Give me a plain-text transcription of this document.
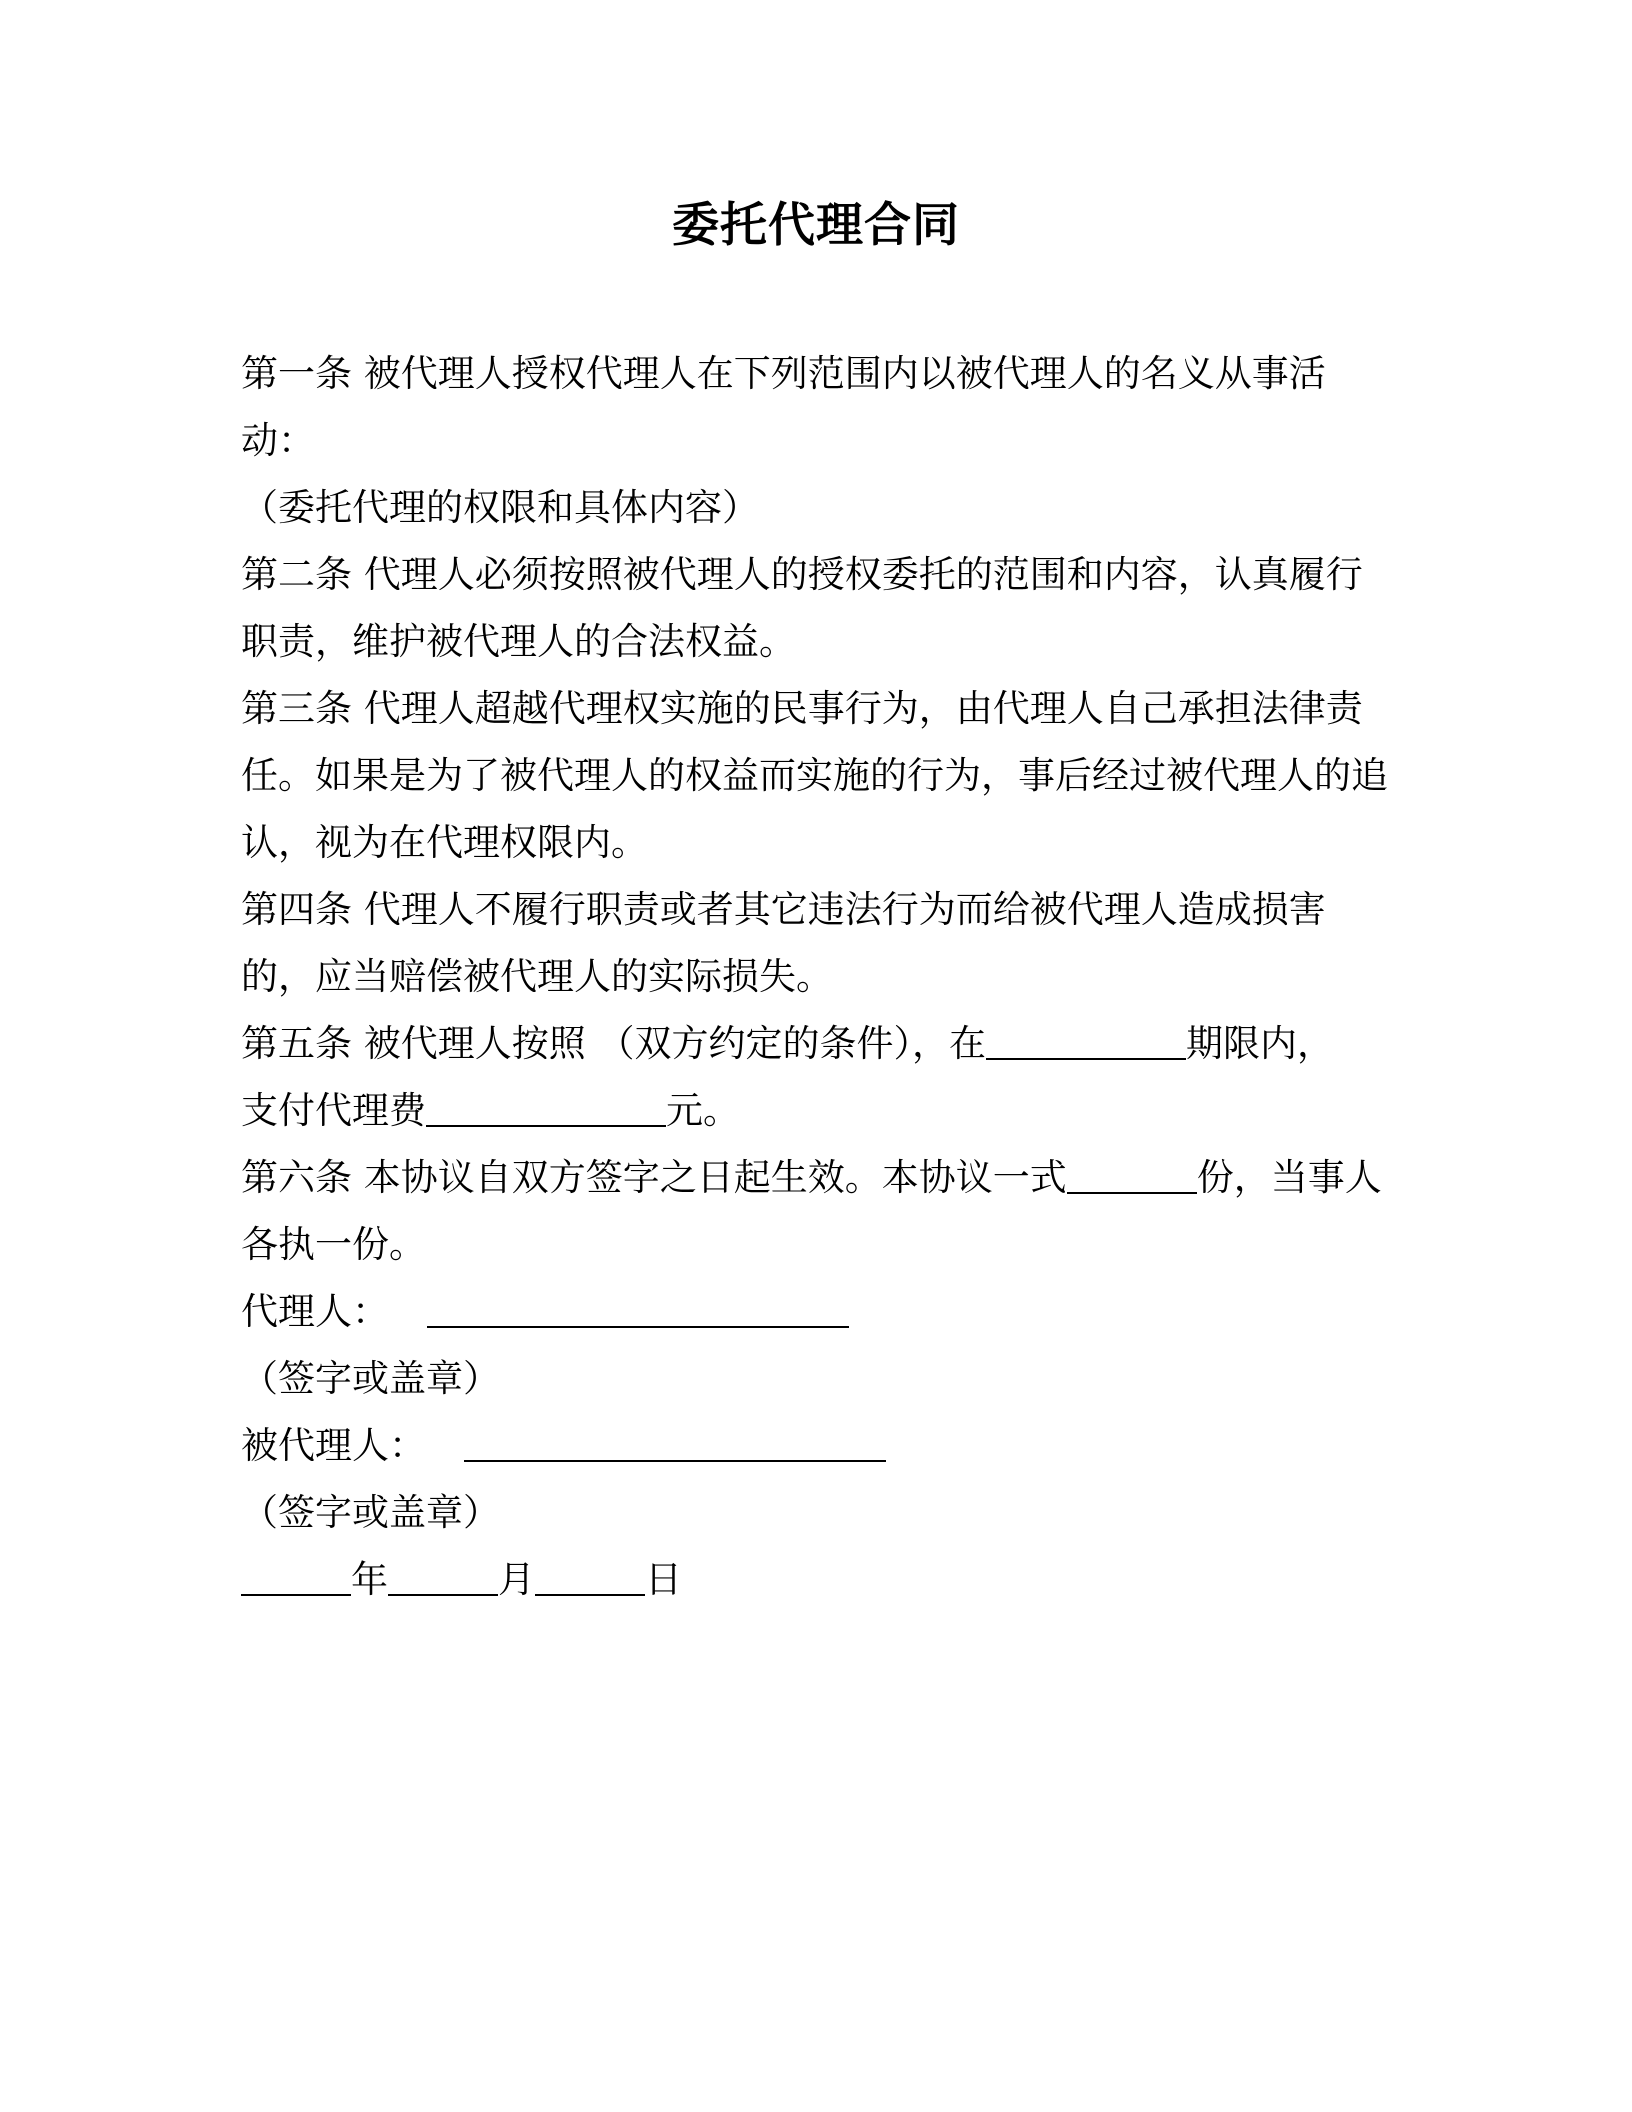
委托代理合同
第一条 被代理人授权代理人在下列范围内以被代理人的名义从事活
动：
（委托代理的权限和具体内容）
第二条 代理人必须按照被代理人的授权委托的范围和内容，认真履行
职责，维护被代理人的合法权益。
第三条 代理人超越代理权实施的民事行为，由代理人自己承担法律责
任。如果是为了被代理人的权益而实施的行为，事后经过被代理人的追
认，视为在代理权限内。
第四条 代理人不履行职责或者其它违法行为而给被代理人造成损害
的，应当赔偿被代理人的实际损失。
第五条 被代理人按照 （双方约定的条件），在	期限内，
支付代理费	元。
第六条 本协议自双方签字之日起生效。本协议一式	份，当事人
各执一份。
代理人：
（签字或盖章）
被代理人：
（签字或盖章）
年	月	日
